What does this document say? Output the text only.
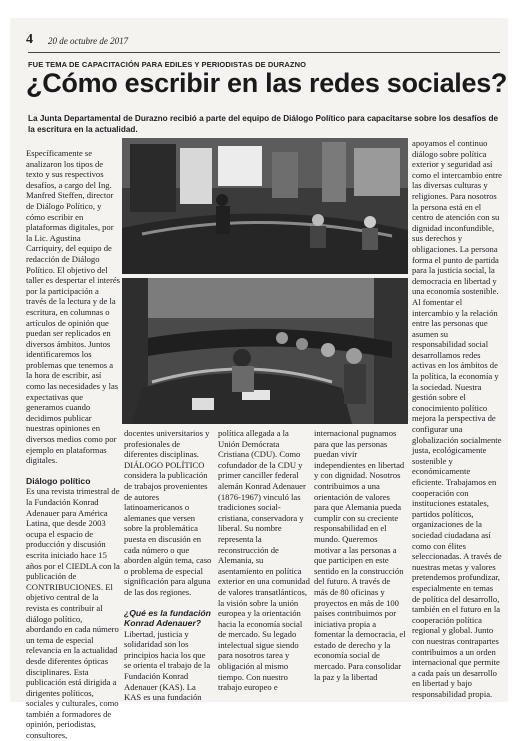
4 20 de octubre de 2017
FUE TEMA DE CAPACITACIÓN PARA EDILES Y PERIODISTAS DE DURAZNO
¿Cómo escribir en las redes sociales?
La Junta Departamental de Durazno recibió a parte del equipo de Diálogo Político para capacitarse sobre los desafíos de la escritura en la actualidad.

Específicamente se analizaron los tipos de texto y sus respectivos desafíos, a cargo del Ing. Manfred Steffen, director de Diálogo Político, y cómo escribir en plataformas digitales, por la Lic. Agustina Carriquiry, del equipo de redacción de Diálogo Político. El objetivo del taller es despertar el interés por la participación a través de la lectura y de la escritura, en columnas o artículos de opinión que puedan ser replicados en diversos ámbitos. Juntos identificaremos los problemas que tenemos a la hora de escribir, así como las necesidades y las expectativas que generamos cuando decidimos publicar nuestras opiniones en diversos medios como por ejemplo en plataformas digitales.

Diálogo político

Es una revista trimestral de la Fundación Konrad Adenauer para América Latina, que desde 2003 ocupa el espacio de producción y discusión escrita iniciado hace 15 años por el CIEDLA con la publicación de CONTRIBUCIONES. El objetivo central de la revista es contribuir al diálogo político, abordando en cada número un tema de especial relevancia en la actualidad desde diferentes ópticas disciplinares. Esta publicación está dirigida a dirigentes políticos, sociales y culturales, como también a formadores de opinión, periodistas, consultores,

apoyamos el continuo diálogo sobre política exterior y seguridad así como el intercambio entre las diversas culturas y religiones. Para nosotros la persona está en el centro de atención con su dignidad inconfundible, sus derechos y obligaciones. La persona forma el punto de partida para la justicia social, la democracia en libertad y una economía sostenible. Al fomentar el intercambio y la relación entre las personas que asumen su responsabilidad social desarrollamos redes activas en los ámbitos de la política, la economía y la sociedad. Nuestra gestión sobre el conocimiento político mejora la perspectiva de configurar una globalización socialmente justa, ecológicamente sostenible y económicamente eficiente. Trabajamos en cooperación con instituciones estatales, partidos políticos, organizaciones de la sociedad ciudadana así como con élites seleccionadas. A través de nuestras metas y valores pretendemos profundizar, especialmente en temas de política del desarrollo, también en el futuro en la cooperación política regional y global. Junto con nuestras contrapartes contribuimos a un orden internacional que permite a cada país un desarrollo en libertad y bajo responsabilidad propia.

docentes universitarios y profesionales de diferentes disciplinas. DIÁLOGO POLÍTICO considera la publicación de trabajos provenientes de autores latinoamericanos o alemanes que versen sobre la problemática puesta en discusión en cada número o que aborden algún tema, caso o problema de especial significación para alguna de las dos regiones.

¿Qué es la fundación Konrad Adenauer?

Libertad, justicia y solidaridad son los principios hacia los que se orienta el trabajo de la Fundación Konrad Adenauer (KAS). La KAS es una fundación

política allegada a la Unión Demócrata Cristiana (CDU). Como cofundador de la CDU y primer canciller federal alemán Konrad Adenauer (1876-1967) vinculó las tradiciones social-cristiana, conservadora y liberal. Su nombre representa la reconstrucción de Alemania, su asentamiento en política exterior en una comunidad de valores transatlánticos, la visión sobre la unión europea y la orientación hacia la economía social de mercado. Su legado intelectual sigue siendo para nosotros tarea y obligación al mismo tiempo. Con nuestro trabajo europeo e

internacional pugnamos para que las personas puedan vivir independientes en libertad y con dignidad. Nosotros contribuimos a una orientación de valores para que Alemania pueda cumplir con su creciente responsabilidad en el mundo. Queremos motivar a las personas a que participen en este sentido en la construcción del futuro. A través de más de 80 oficinas y proyectos en más de 100 países contribuimos por iniciativa propia a fomentar la democracia, el estado de derecho y la economía social de mercado. Para consolidar la paz y la libertad
